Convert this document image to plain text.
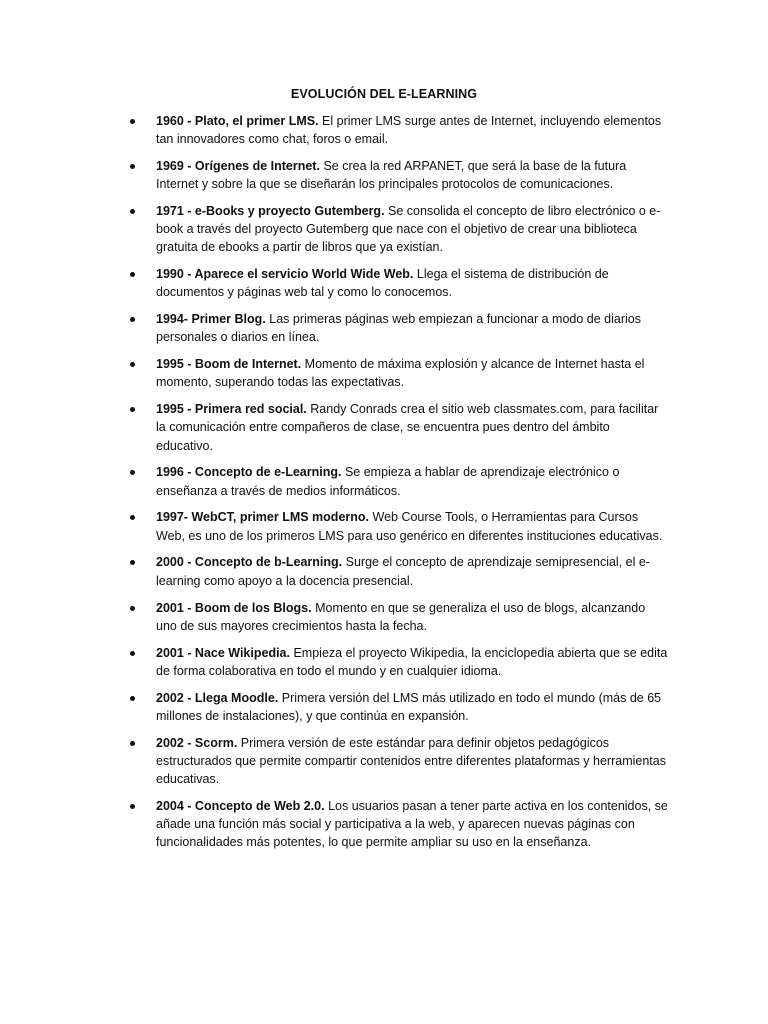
EVOLUCIÓN DEL E-LEARNING
1960 - Plato, el primer LMS. El primer LMS surge antes de Internet, incluyendo elementos tan innovadores como chat, foros o email.
1969 - Orígenes de Internet. Se crea la red ARPANET, que será la base de la futura Internet y sobre la que se diseñarán los principales protocolos de comunicaciones.
1971 - e-Books y proyecto Gutemberg. Se consolida el concepto de libro electrónico o e-book a través del proyecto Gutemberg que nace con el objetivo de crear una biblioteca gratuita de ebooks a partir de libros que ya existían.
1990 - Aparece el servicio World Wide Web. Llega el sistema de distribución de documentos y páginas web tal y como lo conocemos.
1994- Primer Blog. Las primeras páginas web empiezan a funcionar a modo de diarios personales o diarios en línea.
1995 - Boom de Internet. Momento de máxima explosión y alcance de Internet hasta el momento, superando todas las expectativas.
1995 - Primera red social. Randy Conrads crea el sitio web classmates.com, para facilitar la comunicación entre compañeros de clase, se encuentra pues dentro del ámbito educativo.
1996 - Concepto de e-Learning. Se empieza a hablar de aprendizaje electrónico o enseñanza a través de medios informáticos.
1997- WebCT, primer LMS moderno. Web Course Tools, o Herramientas para Cursos Web, es uno de los primeros LMS para uso genérico en diferentes instituciones educativas.
2000 - Concepto de b-Learning. Surge el concepto de aprendizaje semipresencial, el e-learning como apoyo a la docencia presencial.
2001 - Boom de los Blogs. Momento en que se generaliza el uso de blogs, alcanzando uno de sus mayores crecimientos hasta la fecha.
2001 - Nace Wikipedia. Empieza el proyecto Wikipedia, la enciclopedia abierta que se edita de forma colaborativa en todo el mundo y en cualquier idioma.
2002 - Llega Moodle. Primera versión del LMS más utilizado en todo el mundo (más de 65 millones de instalaciones), y que continúa en expansión.
2002 - Scorm. Primera versión de este estándar para definir objetos pedagógicos estructurados que permite compartir contenidos entre diferentes plataformas y herramientas educativas.
2004 - Concepto de Web 2.0. Los usuarios pasan a tener parte activa en los contenidos, se añade una función más social y participativa a la web, y aparecen nuevas páginas con funcionalidades más potentes, lo que permite ampliar su uso en la enseñanza.
